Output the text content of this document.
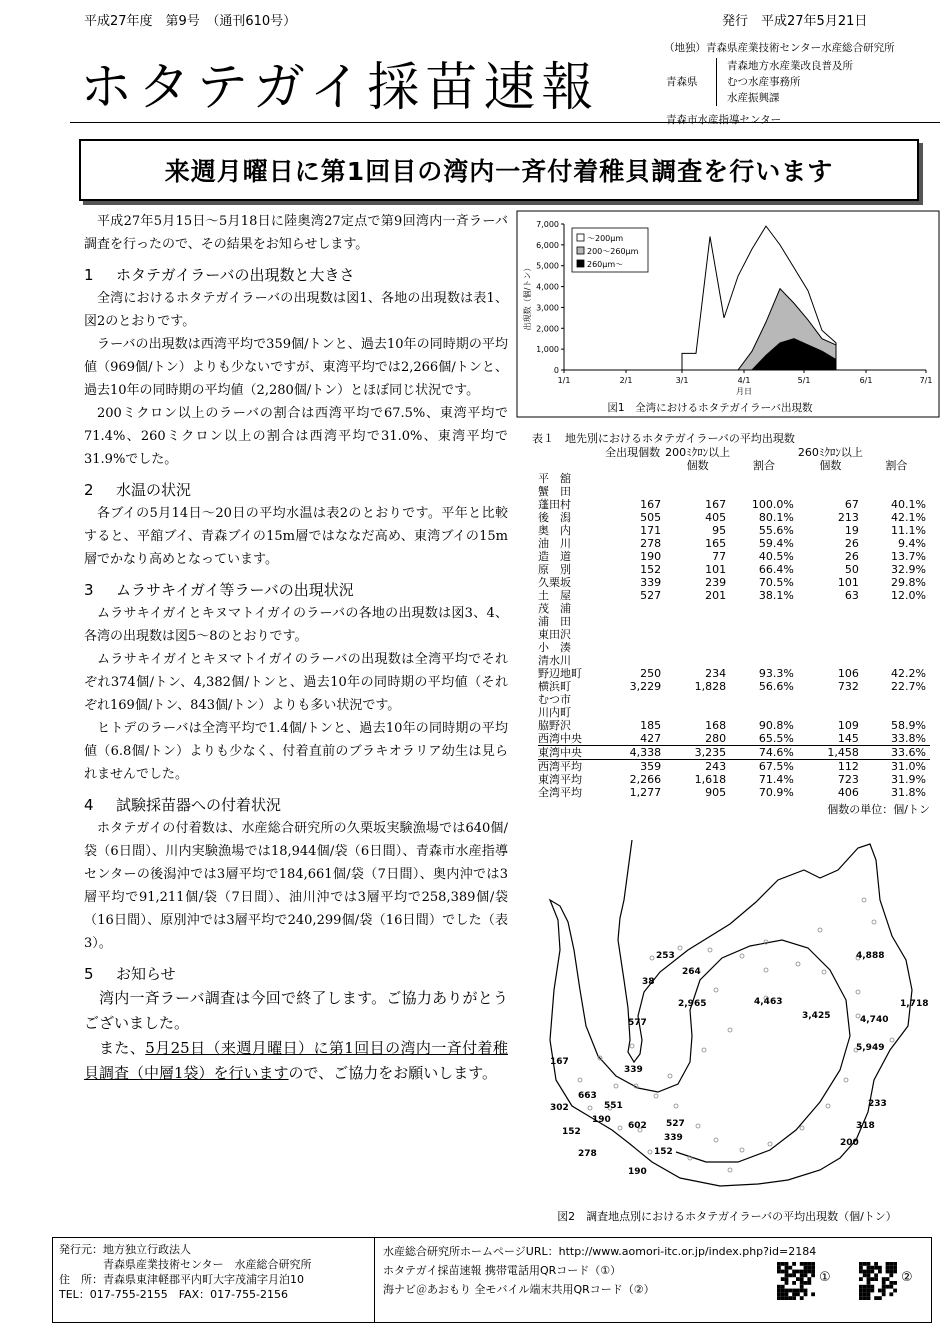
平成27年度　第9号　（通刊610号）	発行　平成27年5月21日
ホタテガイ採苗速報
（地独）青森県産業技術センター水産総合研究所
青森県
青森地方水産業改良普及所
むつ水産事務所
水産振興課
青森市水産指導センター
来週月曜日に第1回目の湾内一斉付着稚貝調査を行います

平成27年5月15日～5月18日に陸奥湾27定点で第9回湾内一斉ラーバ調査を行ったので、その結果をお知らせします。

1 ホタテガイラーバの出現数と大きさ

全湾におけるホタテガイラーバの出現数は図1、各地の出現数は表1、図2のとおりです。

ラーバの出現数は西湾平均で359個/トンと、過去10年の同時期の平均値（969個/トン）よりも少ないですが、東湾平均では2,266個/トンと、過去10年の同時期の平均値（2,280個/トン）とほぼ同じ状況です。

200ミクロン以上のラーバの割合は西湾平均で67.5%、東湾平均で71.4%、260ミクロン以上の割合は西湾平均で31.0%、東湾平均で31.9%でした。

2 水温の状況

各ブイの5月14日～20日の平均水温は表2のとおりです。平年と比較すると、平舘ブイ、青森ブイの15m層ではななだ高め、東湾ブイの15m層でかなり高めとなっています。

3 ムラサキイガイ等ラーバの出現状況

ムラサキイガイとキヌマトイガイのラーバの各地の出現数は図3、4、各湾の出現数は図5～8のとおりです。

ムラサキイガイとキヌマトイガイのラーバの出現数は全湾平均でそれぞれ374個/トン、4,382個/トンと、過去10年の同時期の平均値（それぞれ169個/トン、843個/トン）よりも多い状況です。

ヒトデのラーバは全湾平均で1.4個/トンと、過去10年の同時期の平均値（6.8個/トン）よりも少なく、付着直前のブラキオラリア幼生は見られませんでした。

4 試験採苗器への付着状況

ホタテガイの付着数は、水産総合研究所の久栗坂実験漁場では640個/袋（6日間）、川内実験漁場では18,944個/袋（6日間）、青森市水産指導センターの後潟沖では3層平均で184,661個/袋（7日間）、奥内沖では3層平均で91,211個/袋（7日間）、油川沖では3層平均で258,389個/袋（16日間）、原別沖では3層平均で240,299個/袋（16日間）でした（表3）。

5 お知らせ

湾内一斉ラーバ調査は今回で終了します。ご協力ありがとうございました。

また、5月25日（来週月曜日）に第1回目の湾内一斉付着稚貝調査（中層1袋）を行いますので、ご協力をお願いします。

0
1,000
2,000
3,000
4,000
5,000
6,000
7,000
1/1	2/1	3/1	4/1	5/1	6/1	7/1
月日
出現数（個/トン）
～200μm
200～260μm
260μm～
図1　全湾におけるホタテガイラーバ出現数
表１　地先別におけるホタテガイラーバの平均出現数
	全出現個数	200ﾐｸﾛﾝ以上		260ﾐｸﾛﾝ以上	
		個数	割合	個数	割合
平　舘					
蟹　田					
蓬田村	167	167	100.0%	67	40.1%
後　潟	505	405	80.1%	213	42.1%
奥　内	171	95	55.6%	19	11.1%
油　川	278	165	59.4%	26	9.4%
造　道	190	77	40.5%	26	13.7%
原　別	152	101	66.4%	50	32.9%
久栗坂	339	239	70.5%	101	29.8%
土　屋	527	201	38.1%	63	12.0%
茂　浦					
浦　田					
東田沢					
小　湊					
清水川					
野辺地町	250	234	93.3%	106	42.2%
横浜町	3,229	1,828	56.6%	732	22.7%
むつ市					
川内町					
脇野沢	185	168	90.8%	109	58.9%
西湾中央	427	280	65.5%	145	33.8%
東湾中央	4,338	3,235	74.6%	1,458	33.6%
西湾平均	359	243	67.5%	112	31.0%
東湾平均	2,266	1,618	71.4%	723	31.9%
全湾平均	1,277	905	70.9%	406	31.8%
個数の単位：個/トン
253
264
38
2,965	4,463
4,888
1,718
3,425	4,740
577
5,949
167
339
663
551
302
190
602 527
152
339
278	152
190
233
318
200
図2　調査地点別におけるホタテガイラーバの平均出現数（個/トン）
発行元：地方独立行政法人
　　　　青森県産業技術センター　水産総合研究所
住　所：青森県東津軽郡平内町大字茂浦字月泊10
TEL：017-755-2155　FAX：017-755-2156
水産総合研究所ホームページURL：http://www.aomori-itc.or.jp/index.php?id=2184
ホタテガイ採苗速報 携帯電話用QRコード（①）
海ナビ＠あおもり 全モバイル端末共用QRコード（②）
①	②
